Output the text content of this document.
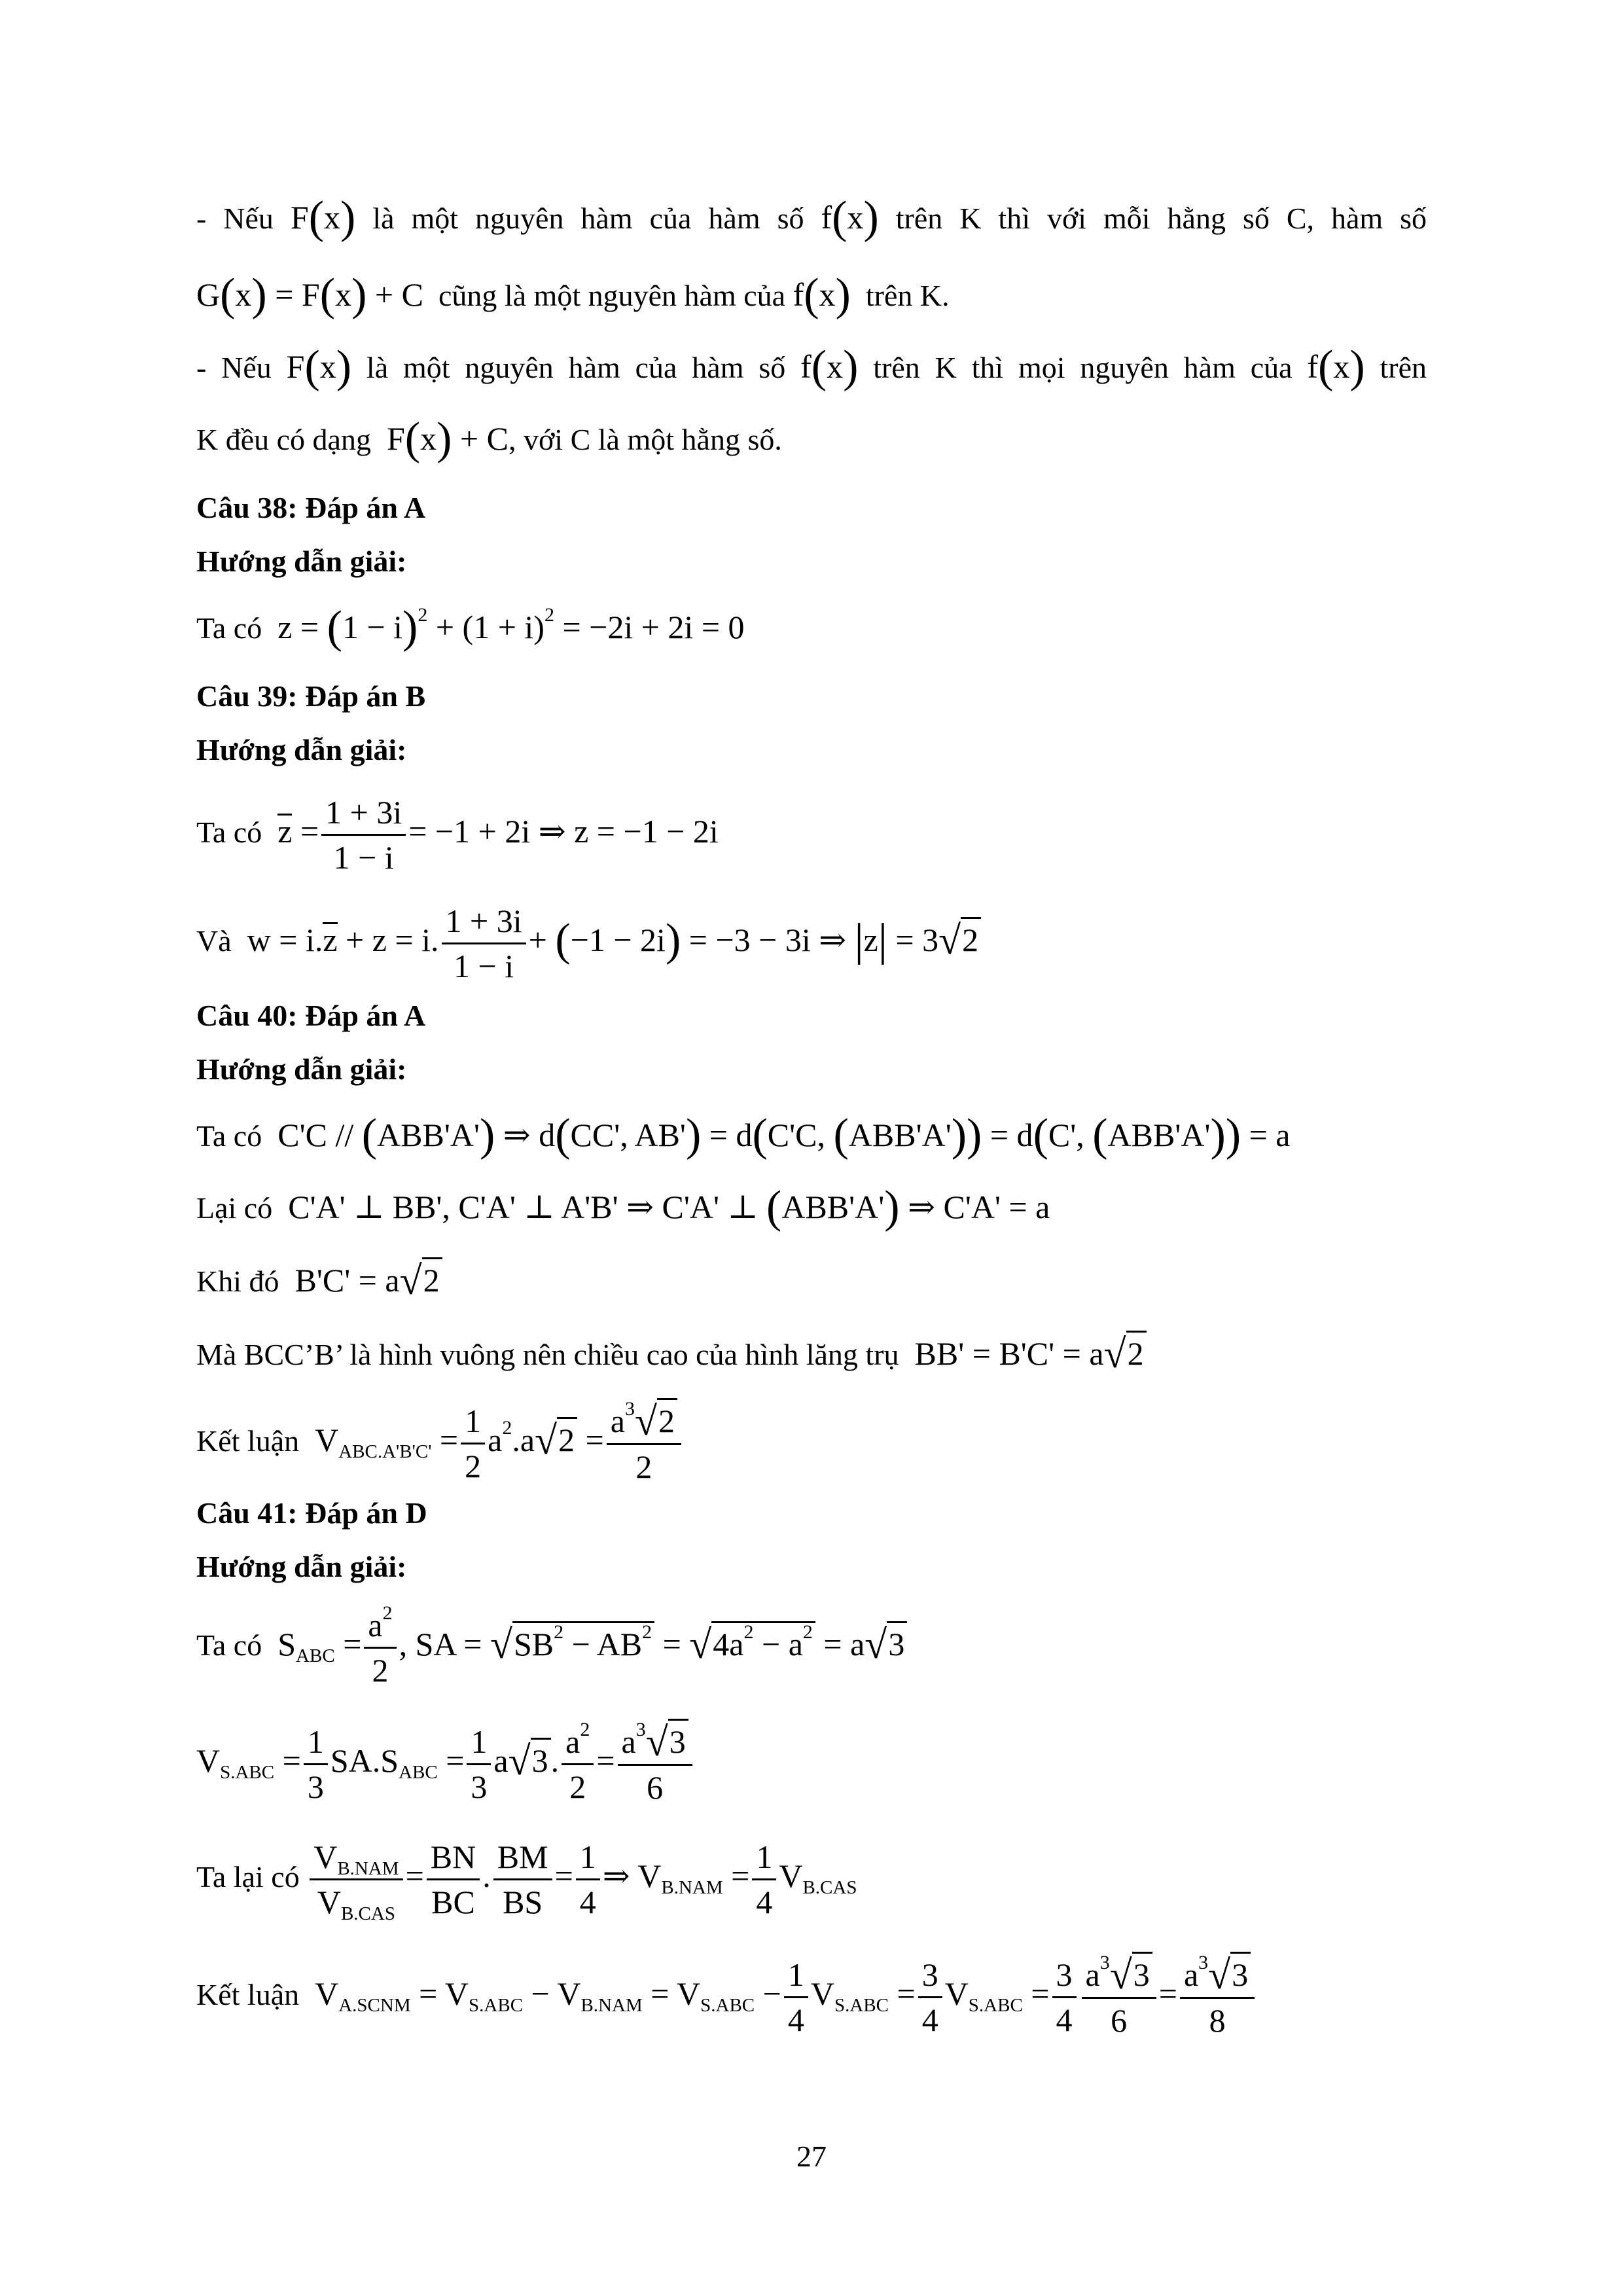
- Nếu F(x) là một nguyên hàm của hàm số f(x) trên K thì với mỗi hằng số C, hàm số
G(x) = F(x) + C cũng là một nguyên hàm của f(x) trên K.
- Nếu F(x) là một nguyên hàm của hàm số f(x) trên K thì mọi nguyên hàm của f(x) trên
K đều có dạng  F(x) + C, với C là một hằng số.
Câu 38: Đáp án A
Hướng dẫn giải:
Ta có  $z = (1 - i)^2 + (1 + i)^2 = -2i + 2i = 0$
Câu 39: Đáp án B
Hướng dẫn giải:
Ta có $z = \frac{1 + 3i}{1 - i} = -1 + 2i$ ⇒ z = −1 − 2i
Và  w = i.z + z = i. $\frac{1 + 3i}{1 - i} + (-1 - 2i) = -3 - 3i$ ⇒ |z| = 3√2
Câu 40: Đáp án A
Hướng dẫn giải:
Ta có  C'C // (ABB'A') ⇒ d(CC', AB') = d(C'C, (ABB'A')) = d(C', (ABB'A')) = a
Lại có  C'A' ⊥ BB', C'A' ⊥ A'B' ⇒ C'A' ⊥ (ABB'A') ⇒ C'A' = a
Khi đó  B'C' = a√2
Mà BCC’B’ là hình vuông nên chiều cao của hình lăng trụ  BB' = B'C' = a√2
Kết luận  $V_{ABC.A'B'C'} = \frac{1}{2} a^2.a√2 = \frac{a^3√2}{2}$
Câu 41: Đáp án D
Hướng dẫn giải:
Ta có  $S_{ABC} = \frac{a^2}{2}$ , SA = $√SB^2 - AB^2 = √4a^2 - a^2 = a√3$
$V_{S.ABC} = \frac{1}{3} SA.S_{ABC} = \frac{1}{3} a√3$. $\frac{a^2}{2} = \frac{a^3√3}{6}$
Ta lại có
$V_{B.NAM}$
$V_{B.CAS}$
= $\frac{BN}{BC}$ . $\frac{BM}{BS} = \frac{1}{4}$ ⇒ $V_{B.NAM} = \frac{1}{4} V_{B.CAS}$
Kết luận  $V_{A.SCNM} = V_{S.ABC} - V_{B.NAM} = V_{S.ABC} - \frac{1}{4} V_{S.ABC} = \frac{3}{4} V_{S.ABC} = \frac{3}{4} \frac{a^3√3}{6} = \frac{a^3√3}{8}$
27
